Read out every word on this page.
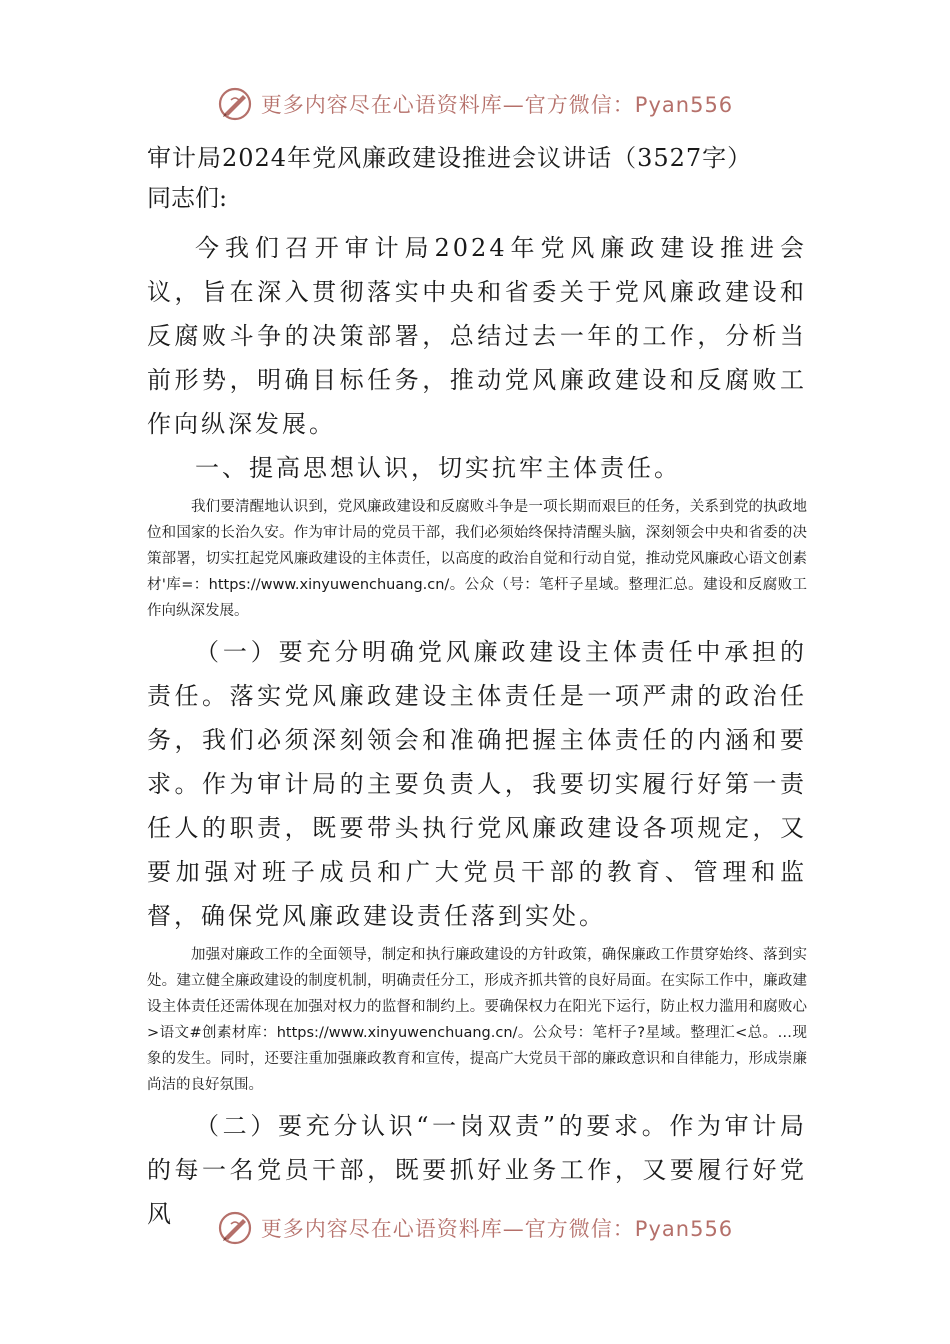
更多内容尽在心语资料库—官方微信：Pyan556
审计局2024年党风廉政建设推进会议讲话（3527字）

同志们:

今我们召开审计局2024年党风廉政建设推进会议，旨在深入贯彻落实中央和省委关于党风廉政建设和反腐败斗争的决策部署，总结过去一年的工作，分析当前形势，明确目标任务，推动党风廉政建设和反腐败工作向纵深发展。

一、提高思想认识，切实抗牢主体责任。

我们要清醒地认识到，党风廉政建设和反腐败斗争是一项长期而艰巨的任务，关系到党的执政地位和国家的长治久安。作为审计局的党员干部，我们必须始终保持清醒头脑，深刻领会中央和省委的决策部署，切实扛起党风廉政建设的主体责任，以高度的政治自觉和行动自觉，推动党风廉政心语文创素材'库=：https://www.xinyuwenchuang.cn/。公众（号：笔杆子星域。整理汇总。建设和反腐败工作向纵深发展。

（一）要充分明确党风廉政建设主体责任中承担的责任。落实党风廉政建设主体责任是一项严肃的政治任务，我们必须深刻领会和准确把握主体责任的内涵和要求。作为审计局的主要负责人，我要切实履行好第一责任人的职责，既要带头执行党风廉政建设各项规定，又要加强对班子成员和广大党员干部的教育、管理和监督，确保党风廉政建设责任落到实处。

加强对廉政工作的全面领导，制定和执行廉政建设的方针政策，确保廉政工作贯穿始终、落到实处。建立健全廉政建设的制度机制，明确责任分工，形成齐抓共管的良好局面。在实际工作中，廉政建设主体责任还需体现在加强对权力的监督和制约上。要确保权力在阳光下运行，防止权力滥用和腐败心>语文#创素材库：https://www.xinyuwenchuang.cn/。公众号：笔杆子?星域。整理汇<总。…现象的发生。同时，还要注重加强廉政教育和宣传，提高广大党员干部的廉政意识和自律能力，形成崇廉尚洁的良好氛围。

（二）要充分认识“一岗双责”的要求。作为审计局的每一名党员干部，既要抓好业务工作，又要履行好党风

更多内容尽在心语资料库—官方微信：Pyan556
